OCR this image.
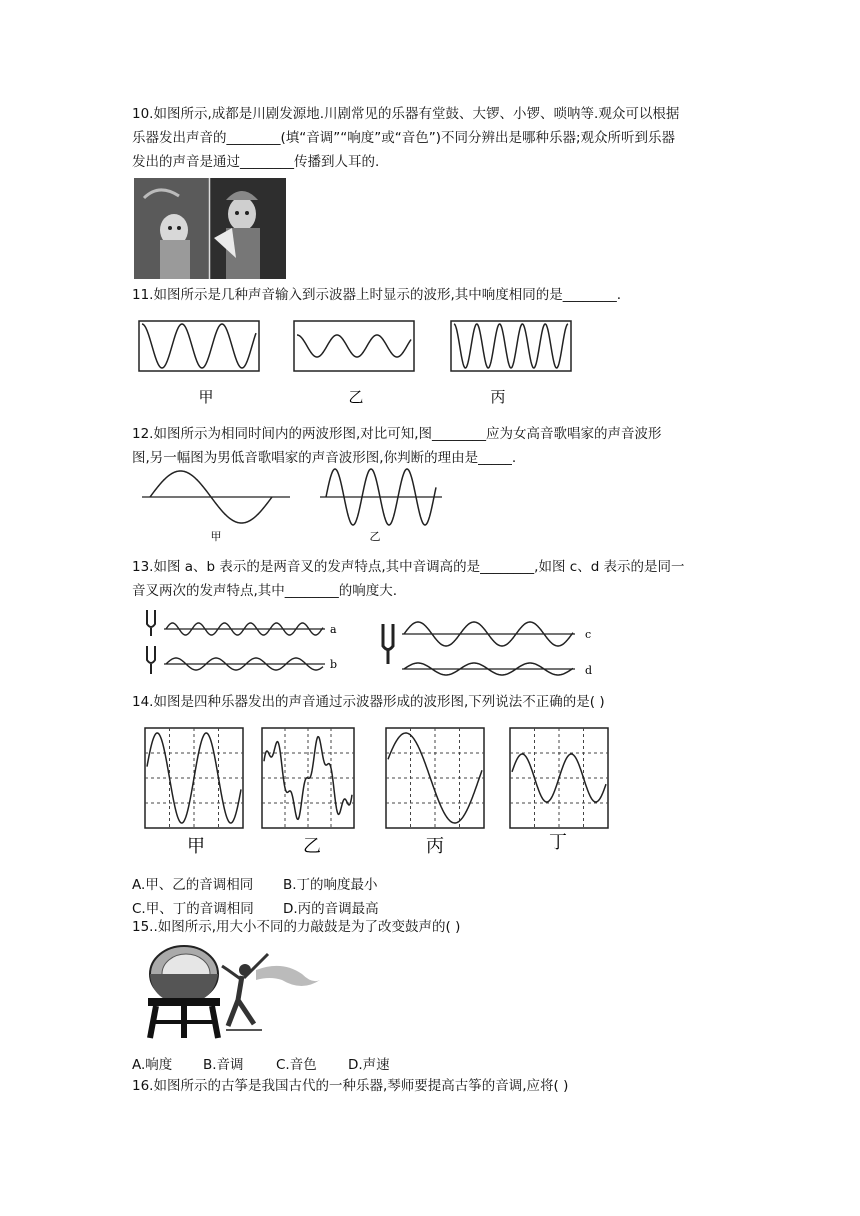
10.如图所示,成都是川剧发源地.川剧常见的乐器有堂鼓、大锣、小锣、唢呐等.观众可以根据
乐器发出声音的________(填“音调”“响度”或“音色”)不同分辨出是哪种乐器;观众所听到乐器
发出的声音是通过________传播到人耳的.
11.如图所示是几种声音输入到示波器上时显示的波形,其中响度相同的是________.
甲	乙	丙
12.如图所示为相同时间内的两波形图,对比可知,图________应为女高音歌唱家的声音波形
图,另一幅图为男低音歌唱家的声音波形图,你判断的理由是_____.
甲	乙
13.如图 a、b 表示的是两音叉的发声特点,其中音调高的是________,如图 c、d 表示的是同一
音叉两次的发声特点,其中________的响度大.
a
b
c
d
14.如图是四种乐器发出的声音通过示波器形成的波形图,下列说法不正确的是( )
甲	乙	丙	丁
A.甲、乙的音调相同 B.丁的响度最小
C.甲、丁的音调相同 D.丙的音调最高
15..如图所示,用大小不同的力敲鼓是为了改变鼓声的( )
A.响度 B.音调 C.音色 D.声速
16.如图所示的古筝是我国古代的一种乐器,琴师要提高古筝的音调,应将( )
